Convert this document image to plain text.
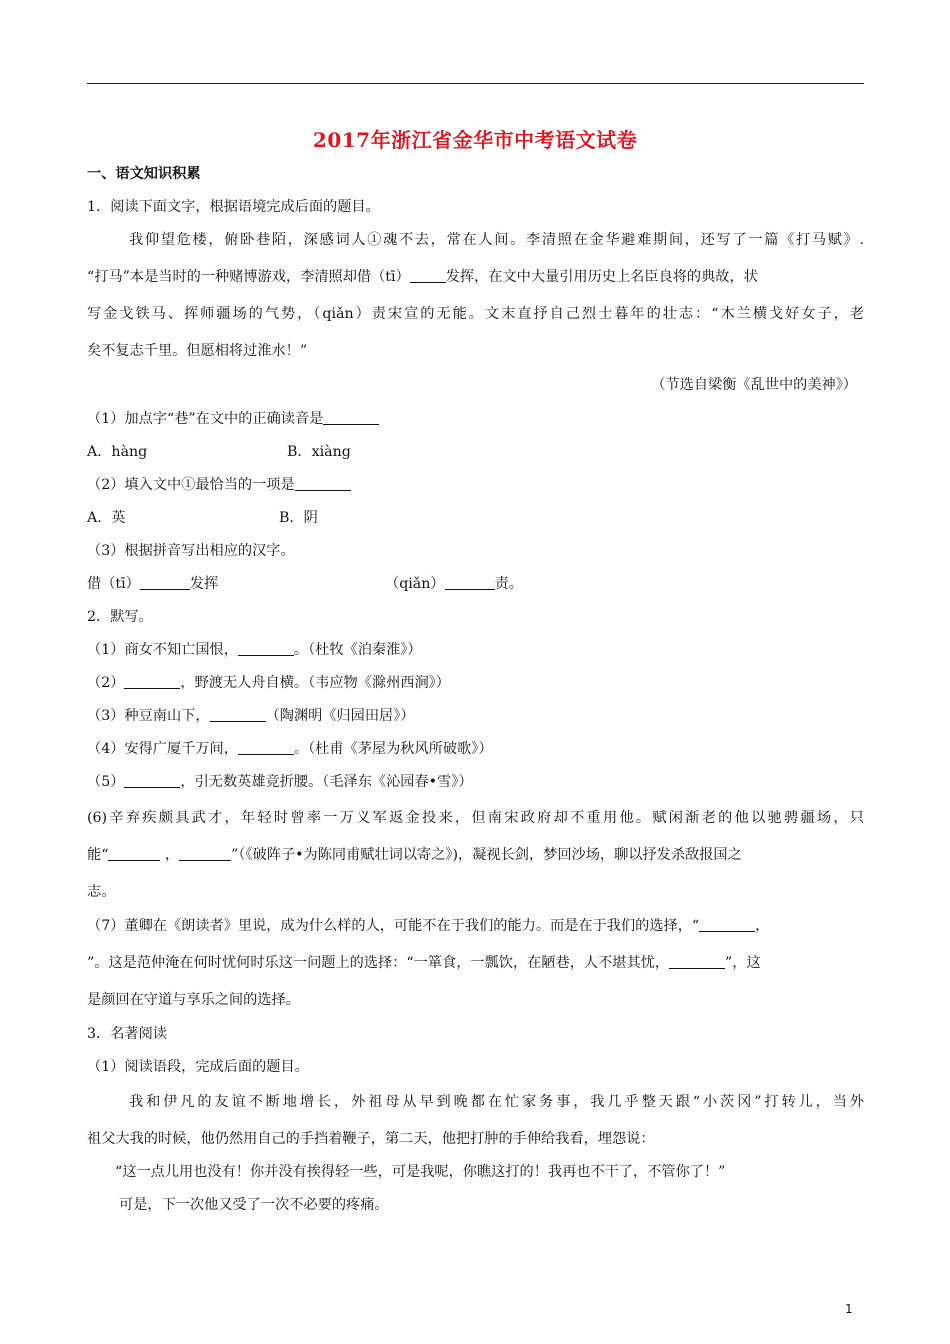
2017年浙江省金华市中考语文试卷
一、语文知识积累
1．阅读下面文字，根据语境完成后面的题目。
我仰望危楼，俯卧巷陌，深感词人①魂不去，常在人间。李清照在金华避难期间，还写了一篇《打马赋》.
“打马”本是当时的一种赌博游戏，李清照却借（tī）	发挥，在文中大量引用历史上名臣良将的典故，状
写金戈铁马、挥师疆场的气势，（qiǎn）责宋宣的无能。文末直抒自己烈士暮年的壮志：“木兰横戈好女子，老
矣不复志千里。但愿相将过淮水！”
（节选自梁衡《乱世中的美神》）
（1）加点字“巷”在文中的正确读音是
A．hàng	B．xiàng
（2）填入文中①最恰当的一项是
A．英	B．阴
（3）根据拼音写出相应的汉字。
借（tī）	发挥	（qiǎn）	责。
2．默写。
（1）商女不知亡国恨，	。（杜牧《泊秦淮》）
（2）	，野渡无人舟自横。（韦应物《滁州西涧》）
（3）种豆南山下，	（陶渊明《归园田居》）
（4）安得广厦千万间，	。（杜甫《茅屋为秋风所破歌》）
（5）	，引无数英雄竞折腰。（毛泽东《沁园春•雪》）
(6)辛弃疾颇具武才，年轻时曾率一万义军返金投来，但南宋政府却不重用他。赋闲渐老的他以驰骋疆场，只
能“	，	”（《破阵子•为陈同甫赋壮词以寄之》)，凝视长剑，梦回沙场，聊以抒发杀敌报国之
志。
（7）董卿在《朗读者》里说，成为什么样的人，可能不在于我们的能力。而是在于我们的选择，“	，
”。这是范仲淹在何时忧何时乐这一问题上的选择：“一箪食，一瓢饮，在陋巷，人不堪其忧，	”，这
是颜回在守道与享乐之间的选择。
3．名著阅读
（1）阅读语段，完成后面的题目。
我和伊凡的友谊不断地增长，外祖母从早到晚都在忙家务事，我几乎整天跟“小茨冈”打转儿，当外
祖父大我的时候，他仍然用自己的手挡着鞭子，第二天，他把打肿的手伸给我看，埋怨说：
“这一点儿用也没有！你并没有挨得轻一些，可是我呢，你瞧这打的！我再也不干了，不管你了！”
可是，下一次他又受了一次不必要的疼痛。
1
